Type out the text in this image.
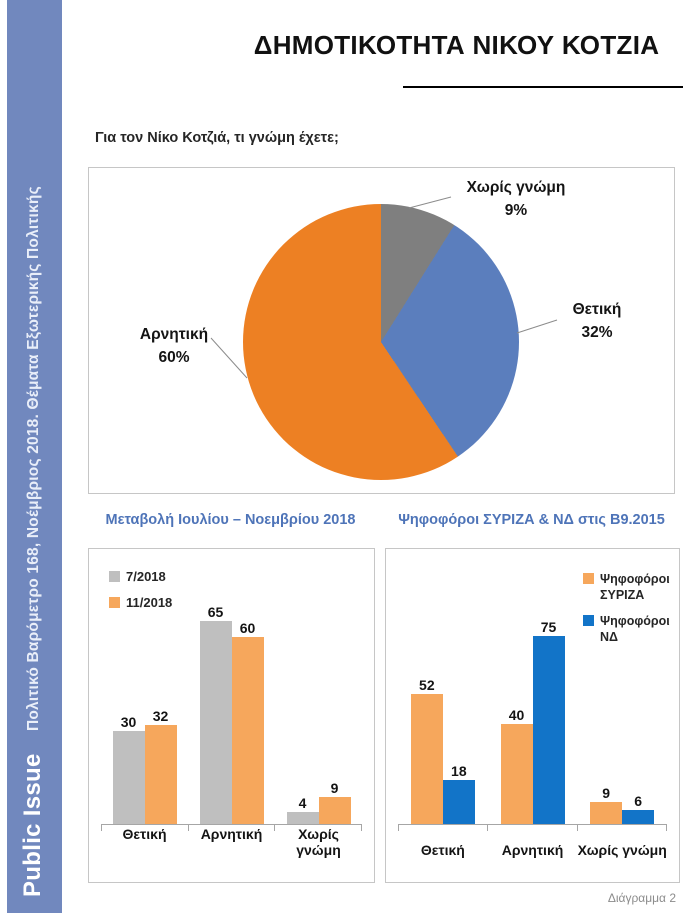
Public Issue
Πολιτικό Βαρόμετρο 168, Νοέμβριος 2018. Θέματα Εξωτερικής Πολιτικής
ΔΗΜΟΤΙΚΟΤΗΤΑ ΝΙΚΟΥ ΚΟΤΖΙΑ
Για τον Νίκο Κοτζιά, τι γνώμη έχετε;
Χωρίς γνώμη
9%
Θετική
32%
Αρνητική
60%
Μεταβολή Ιουλίου – Νοεμβρίου 2018	Ψηφοφόροι ΣΥΡΙΖΑ & ΝΔ στις Β9.2015
7/2018
11/2018
30 32
65
60
4
9
Θετική	Αρνητική	Χωρίς γνώμη
Ψηφοφόροι ΣΥΡΙΖΑ
Ψηφοφόροι ΝΔ
52
18
40
75
9 6
Θετική	Αρνητική	Χωρίς γνώμη
Διάγραμμα 2
